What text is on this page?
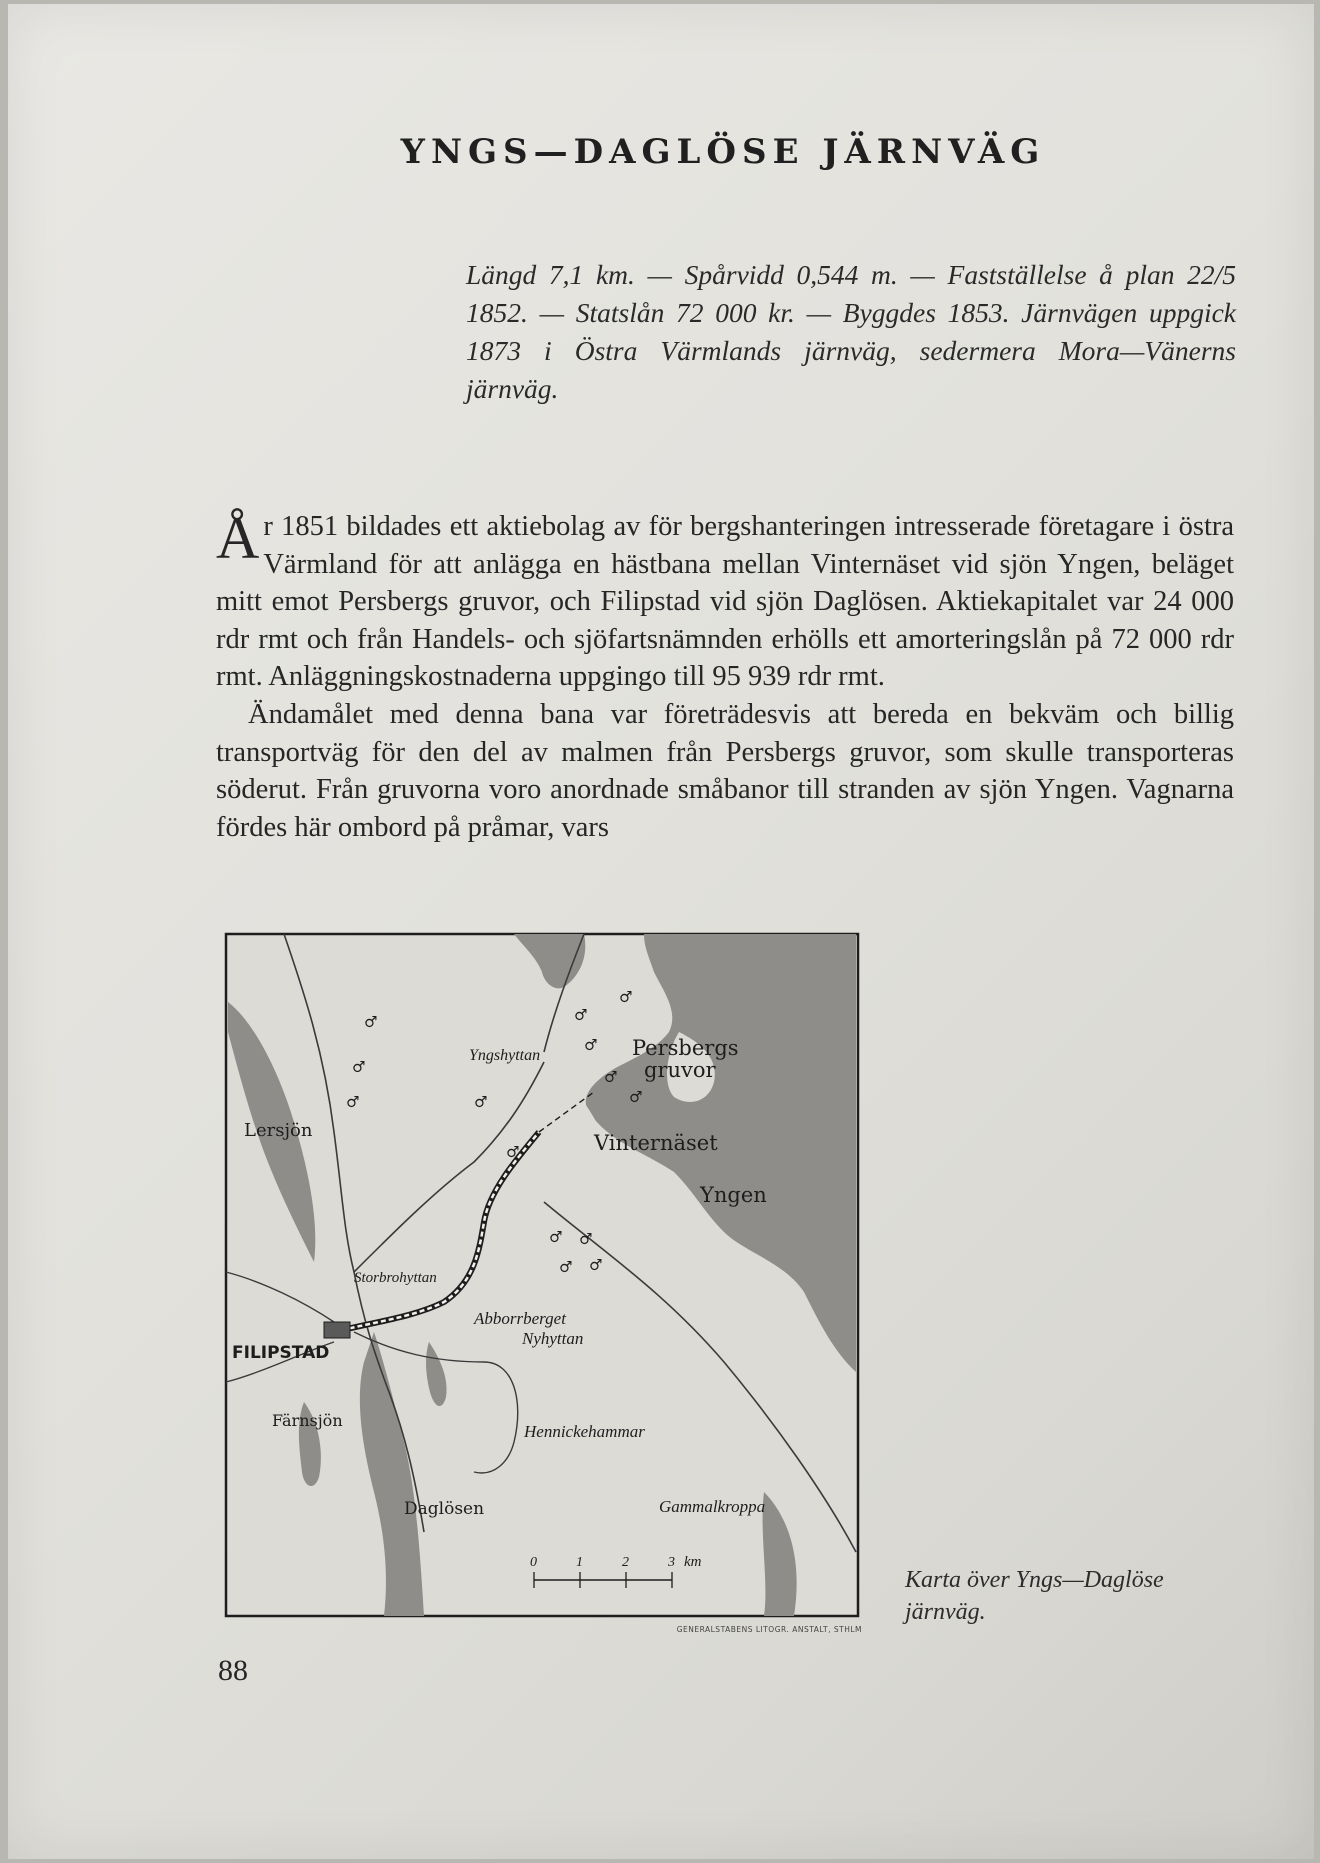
YNGS—DAGLÖSE JÄRNVÄG
Längd 7,1 km. — Spårvidd 0,544 m. — Fastställelse å plan 22/5 1852. — Statslån 72 000 kr. — Byggdes 1853. Järnvägen uppgick 1873 i Östra Värmlands järnväg, sedermera Mora—Vänerns järnväg.

År 1851 bildades ett aktiebolag av för bergshanteringen intresserade företagare i östra Värmland för att anlägga en hästbana mellan Vinternäset vid sjön Yngen, beläget mitt emot Persbergs gruvor, och Filipstad vid sjön Daglösen. Aktiekapitalet var 24 000 rdr rmt och från Handels- och sjöfartsnämnden erhölls ett amorteringslån på 72 000 rdr rmt. Anläggningskostnaderna uppgingo till 95 939 rdr rmt.

Ändamålet med denna bana var företrädesvis att bereda en bekväm och billig transportväg för den del av malmen från Persbergs gruvor, som skulle transporteras söderut. Från gruvorna voro anordnade småbanor till stranden av sjön Yngen. Vagnarna fördes här ombord på pråmar, vars

♂
♂
♂	♂
♂
♂
♂
♂
♂
♂
♂ ♂
♂ ♂
Yngshyttan	Persbergs
gruvor
Vinternäset
Yngen
Lersjön
Storbrohyttan
Abborrberget
Nyhyttan
FILIPSTAD
Färnsjön
Hennickehammar
Daglösen	Gammalkroppa
0	1	2	3 km
GENERALSTABENS LITOGR. ANSTALT, STHLM
Karta över Yngs—Daglöse järnväg.
88
